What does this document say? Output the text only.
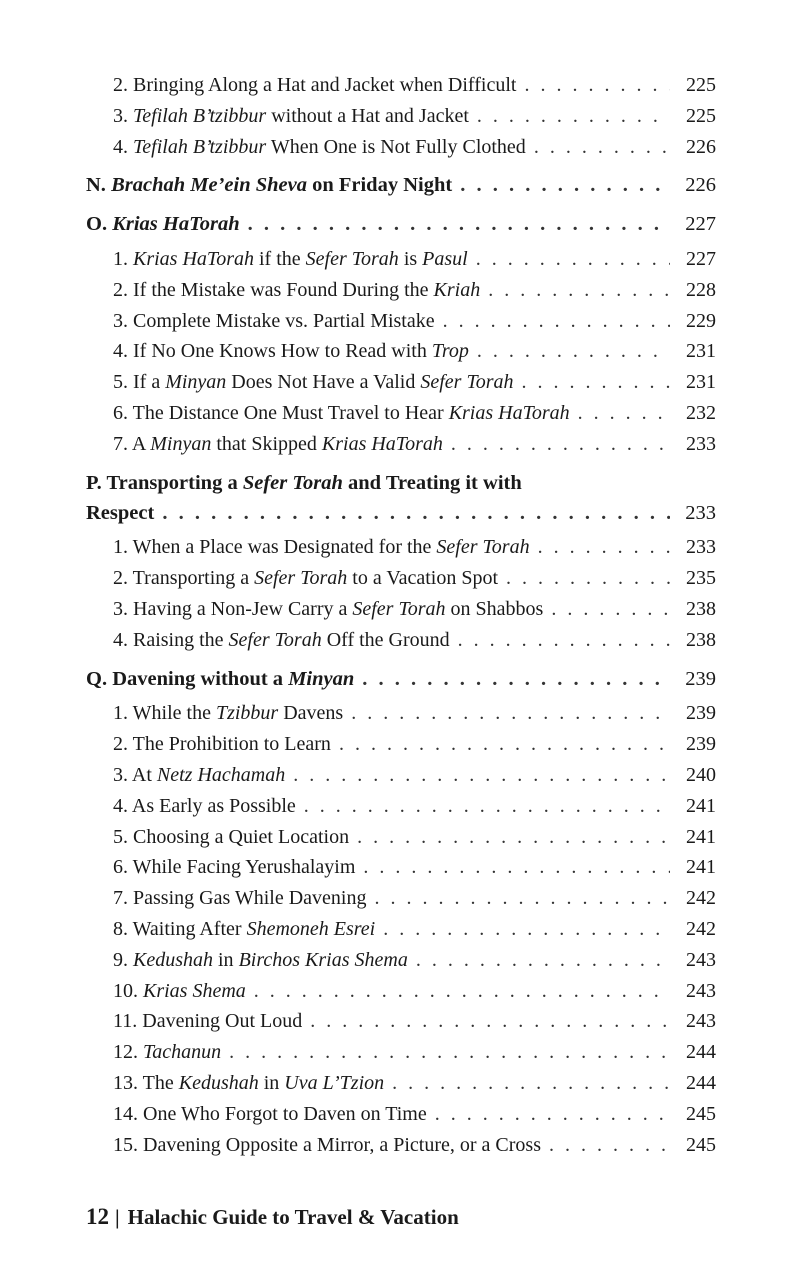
2. Bringing Along a Hat and Jacket when Difficult . . .	225
3. Tefilah B’tzibbur without a Hat and Jacket . . .	225
4. Tefilah B’tzibbur When One is Not Fully Clothed . . .	226
N. Brachah Me’ein Sheva on Friday Night . . .	226
O. Krias HaTorah . . .	227
1. Krias HaTorah if the Sefer Torah is Pasul . . .	227
2. If the Mistake was Found During the Kriah . . .	228
3. Complete Mistake vs. Partial Mistake . . .	229
4. If No One Knows How to Read with Trop . . .	231
5. If a Minyan Does Not Have a Valid Sefer Torah . . .	231
6. The Distance One Must Travel to Hear Krias HaTorah . . .	232
7. A Minyan that Skipped Krias HaTorah . . .	233
P. Transporting a Sefer Torah and Treating it with
Respect . . .	233
1. When a Place was Designated for the Sefer Torah . . .	233
2. Transporting a Sefer Torah to a Vacation Spot . . .	235
3. Having a Non-Jew Carry a Sefer Torah on Shabbos . . .	238
4. Raising the Sefer Torah Off the Ground . . .	238
Q. Davening without a Minyan . . .	239
1. While the Tzibbur Davens . . .	239
2. The Prohibition to Learn . . .	239
3. At Netz Hachamah . . .	240
4. As Early as Possible . . .	241
5. Choosing a Quiet Location . . .	241
6. While Facing Yerushalayim . . .	241
7. Passing Gas While Davening . . .	242
8. Waiting After Shemoneh Esrei . . .	242
9. Kedushah in Birchos Krias Shema . . .	243
10. Krias Shema . . .	243
11. Davening Out Loud . . .	243
12. Tachanun . . .	244
13. The Kedushah in Uva L’Tzion . . .	244
14. One Who Forgot to Daven on Time . . .	245
15. Davening Opposite a Mirror, a Picture, or a Cross . . .	245
12 | Halachic Guide to Travel & Vacation
